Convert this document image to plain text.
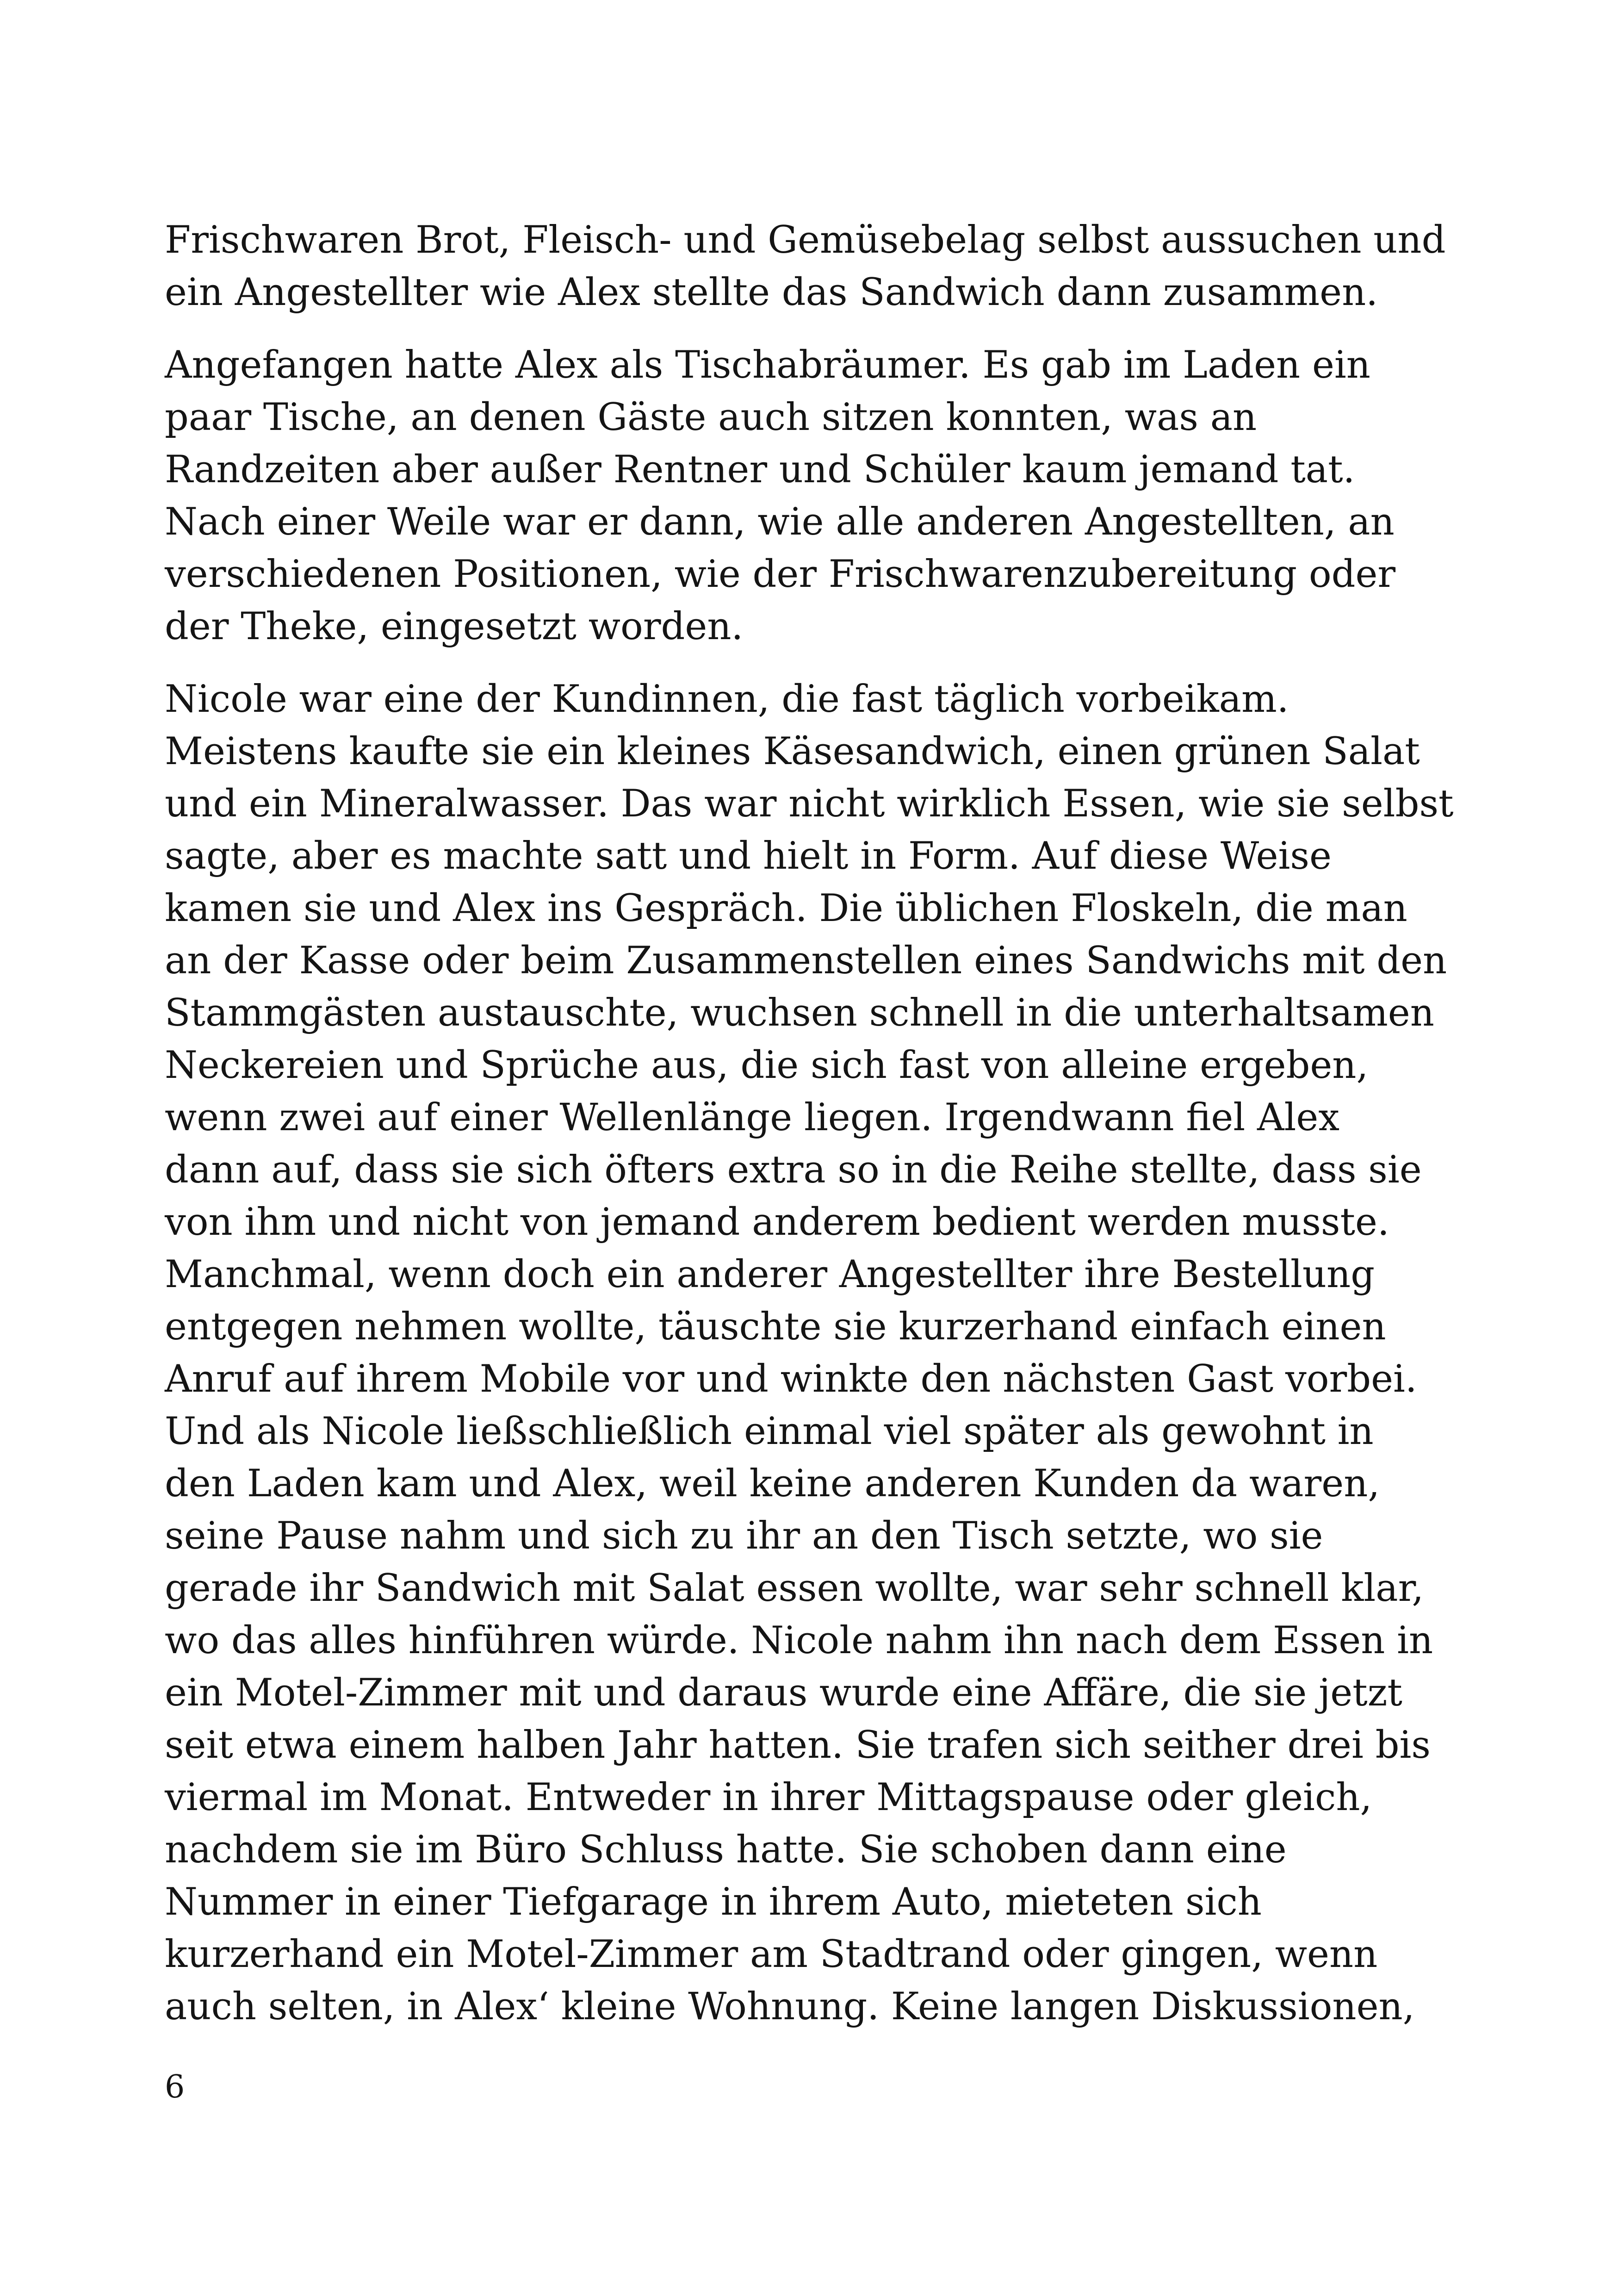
Frischwaren Brot, Fleisch- und Gemüsebelag selbst aussuchen und
ein Angestellter wie Alex stellte das Sandwich dann zusammen.
Angefangen hatte Alex als Tischabräumer. Es gab im Laden ein
paar Tische, an denen Gäste auch sitzen konnten, was an
Randzeiten aber außer Rentner und Schüler kaum jemand tat.
Nach einer Weile war er dann, wie alle anderen Angestellten, an
verschiedenen Positionen, wie der Frischwarenzubereitung oder
der Theke, eingesetzt worden.
Nicole war eine der Kundinnen, die fast täglich vorbeikam.
Meistens kaufte sie ein kleines Käsesandwich, einen grünen Salat
und ein Mineralwasser. Das war nicht wirklich Essen, wie sie selbst
sagte, aber es machte satt und hielt in Form. Auf diese Weise
kamen sie und Alex ins Gespräch. Die üblichen Floskeln, die man
an der Kasse oder beim Zusammenstellen eines Sandwichs mit den
Stammgästen austauschte, wuchsen schnell in die unterhaltsamen
Neckereien und Sprüche aus, die sich fast von alleine ergeben,
wenn zwei auf einer Wellenlänge liegen. Irgendwann fiel Alex
dann auf, dass sie sich öfters extra so in die Reihe stellte, dass sie
von ihm und nicht von jemand anderem bedient werden musste.
Manchmal, wenn doch ein anderer Angestellter ihre Bestellung
entgegen nehmen wollte, täuschte sie kurzerhand einfach einen
Anruf auf ihrem Mobile vor und winkte den nächsten Gast vorbei.
Und als Nicole ließschließlich einmal viel später als gewohnt in
den Laden kam und Alex, weil keine anderen Kunden da waren,
seine Pause nahm und sich zu ihr an den Tisch setzte, wo sie
gerade ihr Sandwich mit Salat essen wollte, war sehr schnell klar,
wo das alles hinführen würde. Nicole nahm ihn nach dem Essen in
ein Motel-Zimmer mit und daraus wurde eine Affäre, die sie jetzt
seit etwa einem halben Jahr hatten. Sie trafen sich seither drei bis
viermal im Monat. Entweder in ihrer Mittagspause oder gleich,
nachdem sie im Büro Schluss hatte. Sie schoben dann eine
Nummer in einer Tiefgarage in ihrem Auto, mieteten sich
kurzerhand ein Motel-Zimmer am Stadtrand oder gingen, wenn
auch selten, in Alex‘ kleine Wohnung. Keine langen Diskussionen,
6
